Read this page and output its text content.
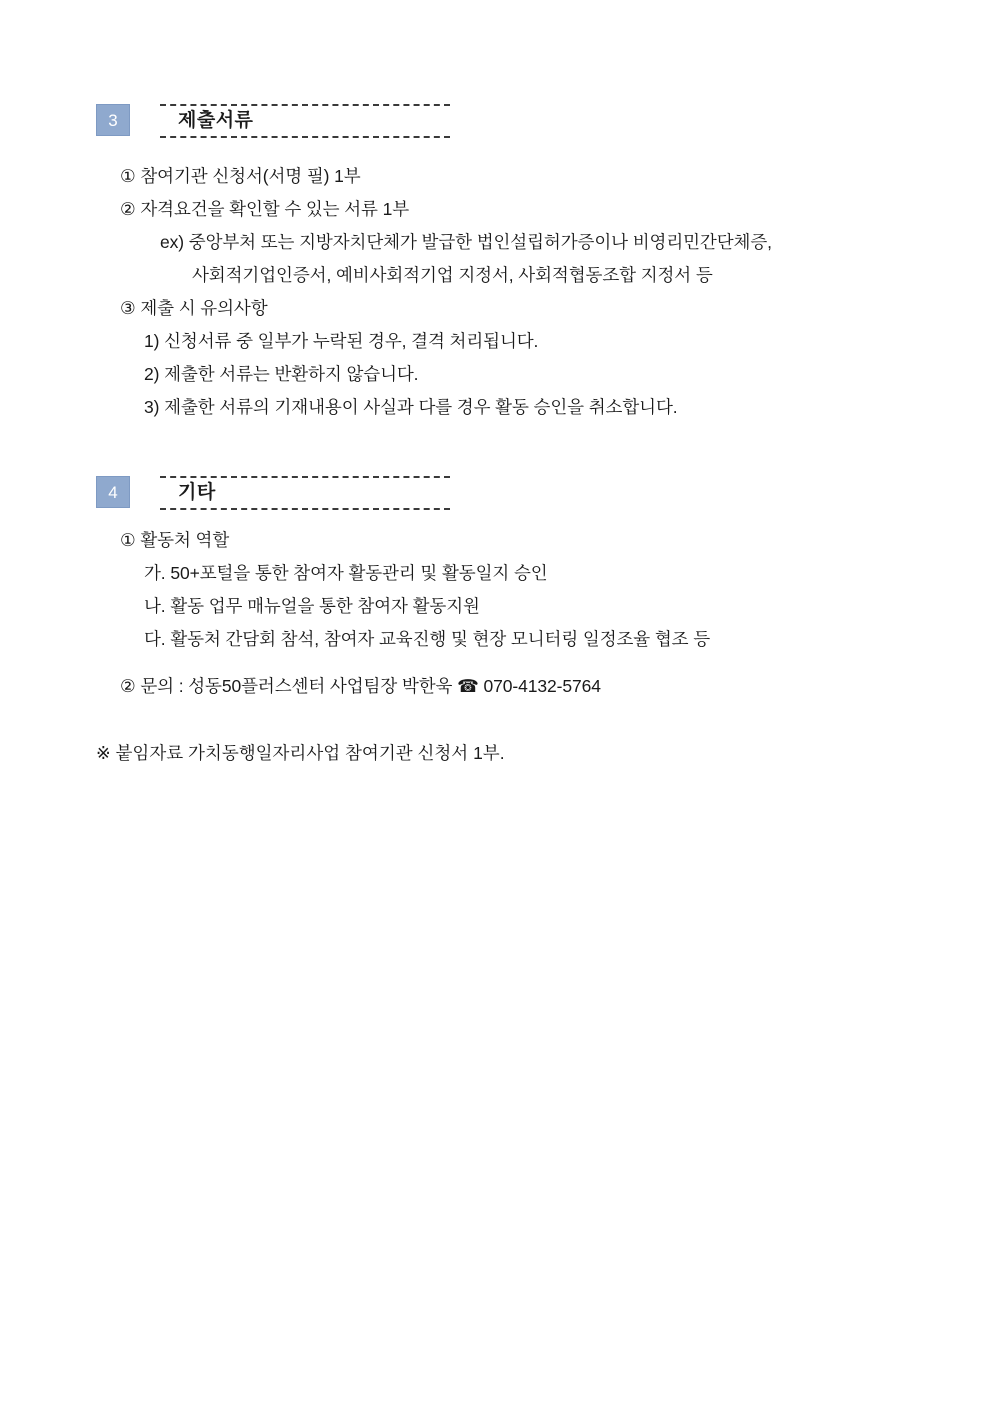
3	제출서류
① 참여기관 신청서(서명 필) 1부
② 자격요건을 확인할 수 있는 서류 1부
ex) 중앙부처 또는 지방자치단체가 발급한 법인설립허가증이나 비영리민간단체증,
사회적기업인증서, 예비사회적기업 지정서, 사회적협동조합 지정서 등
③ 제출 시 유의사항
1) 신청서류 중 일부가 누락된 경우, 결격 처리됩니다.
2) 제출한 서류는 반환하지 않습니다.
3) 제출한 서류의 기재내용이 사실과 다를 경우 활동 승인을 취소합니다.
4	기타
① 활동처 역할
가. 50+포털을 통한 참여자 활동관리 및 활동일지 승인
나. 활동 업무 매뉴얼을 통한 참여자 활동지원
다. 활동처 간담회 참석, 참여자 교육진행 및 현장 모니터링 일정조율 협조 등
② 문의 : 성동50플러스센터 사업팀장 박한욱 ☎ 070-4132-5764
※ 붙임자료 가치동행일자리사업 참여기관 신청서 1부.
